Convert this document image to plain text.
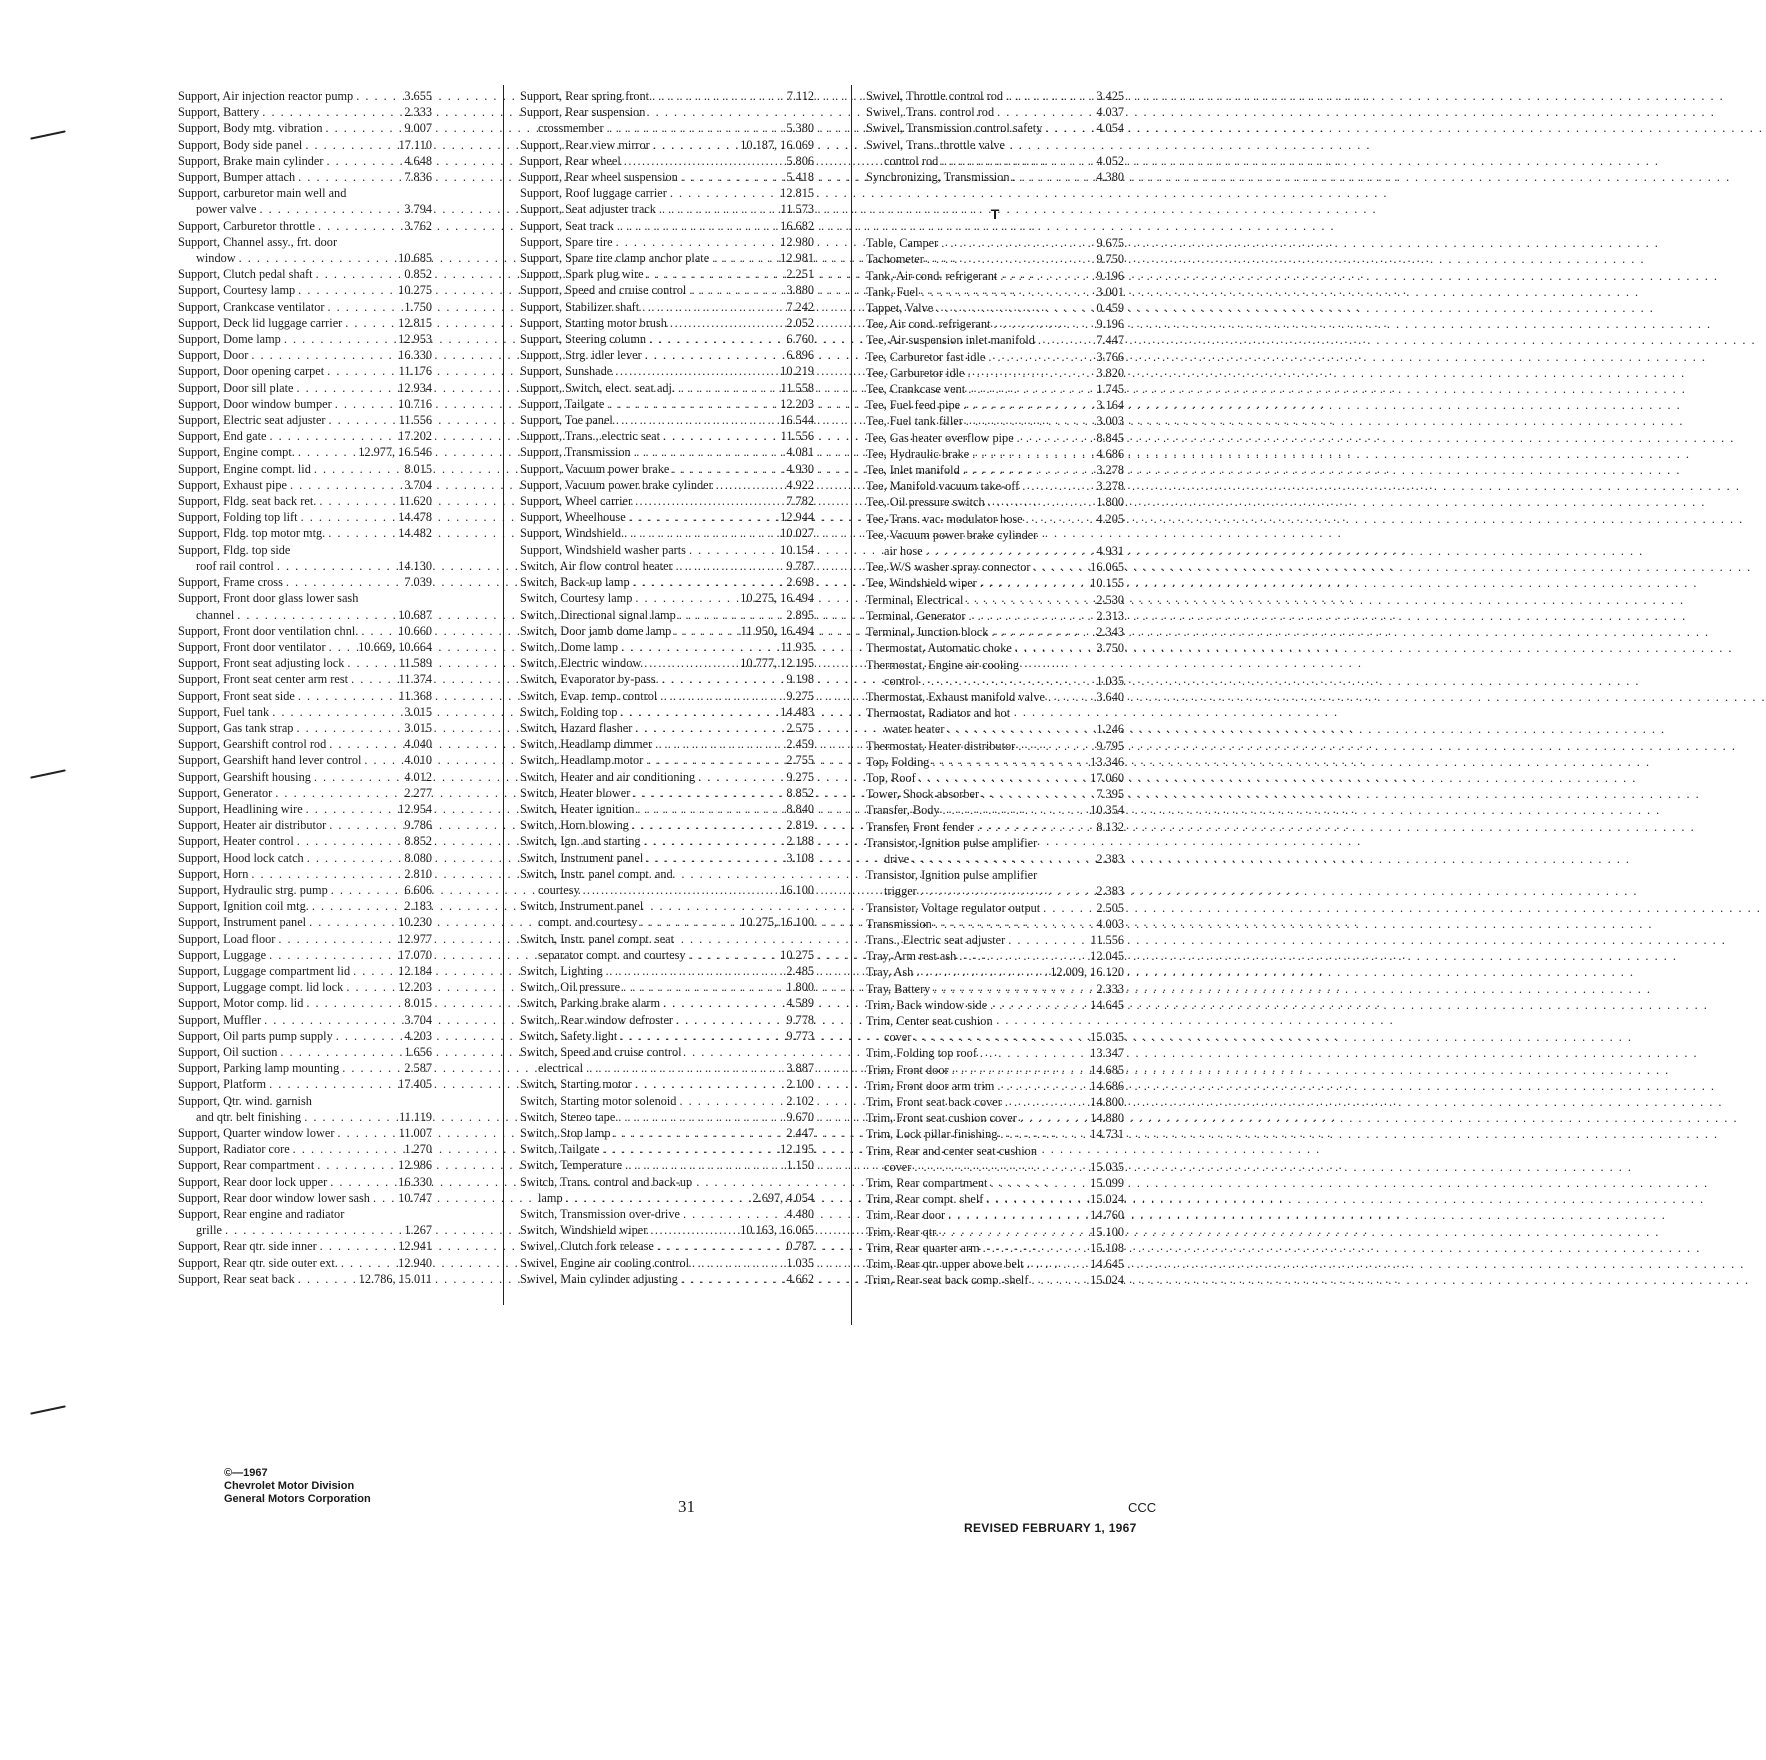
Support, Air injection reactor pump . . .	3.655
Support, Battery . . .	2.333
Support, Body mtg. vibration . . .	9.007
Support, Body side panel . . .	17.110
Support, Brake main cylinder . . .	4.648
Support, Bumper attach . . .	7.836
Support, carburetor main well and
power valve . . .	3.794
Support, Carburetor throttle . . .	3.762
Support, Channel assy., frt. door
window . . .	10.685
Support, Clutch pedal shaft . . .	0.852
Support, Courtesy lamp . . .	10.275
Support, Crankcase ventilator . . .	1.750
Support, Deck lid luggage carrier . . .	12.815
Support, Dome lamp . . .	12.953
Support, Door . . .	16.330
Support, Door opening carpet . . .	11.176
Support, Door sill plate . . .	12.934
Support, Door window bumper . . .	10.716
Support, Electric seat adjuster . . .	11.556
Support, End gate . . .	17.202
Support, Engine compt. . . .	12.977, 16.546
Support, Engine compt. lid . . .	8.015
Support, Exhaust pipe . . .	3.704
Support, Fldg. seat back ret. . . .	11.620
Support, Folding top lift . . .	14.478
Support, Fldg. top motor mtg. . . .	14.482
Support, Fldg. top side
roof rail control . . .	14.130
Support, Frame cross . . .	7.039
Support, Front door glass lower sash
channel . . .	10.687
Support, Front door ventilation chnl. . . .	10.660
Support, Front door ventilator . . .	10.669, 10.664
Support, Front seat adjusting lock . . .	11.589
Support, Front seat center arm rest . . .	11.374
Support, Front seat side . . .	11.368
Support, Fuel tank . . .	3.015
Support, Gas tank strap . . .	3.015
Support, Gearshift control rod . . .	4.040
Support, Gearshift hand lever control . . .	4.010
Support, Gearshift housing . . .	4.012
Support, Generator . . .	2.277
Support, Headlining wire . . .	12.954
Support, Heater air distributor . . .	9.786
Support, Heater control . . .	8.852
Support, Hood lock catch . . .	8.080
Support, Horn . . .	2.810
Support, Hydraulic strg. pump . . .	6.606
Support, Ignition coil mtg. . . .	2.183
Support, Instrument panel . . .	10.230
Support, Load floor . . .	12.977
Support, Luggage . . .	17.070
Support, Luggage compartment lid . . .	12.184
Support, Luggage compt. lid lock . . .	12.203
Support, Motor comp. lid . . .	8.015
Support, Muffler . . .	3.704
Support, Oil parts pump supply . . .	4.203
Support, Oil suction . . .	1.656
Support, Parking lamp mounting . . .	2.587
Support, Platform . . .	17.405
Support, Qtr. wind. garnish
and qtr. belt finishing . . .	11.119
Support, Quarter window lower . . .	11.007
Support, Radiator core . . .	1.270
Support, Rear compartment . . .	12.986
Support, Rear door lock upper . . .	16.330
Support, Rear door window lower sash . . . 10.747
Support, Rear engine and radiator
grille . . .	1.267
Support, Rear qtr. side inner . . .	12.941
Support, Rear qtr. side outer ext. . . .	12.940
Support, Rear seat back . . .	12.786, 15.011
Support, Rear spring front . . .	7.112
Support, Rear suspension
crossmember . . .	5.380
Support, Rear view mirror . . .	10.187, 16.069
Support, Rear wheel . . .	5.806
Support, Rear wheel suspension . . .	5.418
Support, Roof luggage carrier . . .	12.815
Support, Seat adjuster track . . .	11.573
Support, Seat track . . .	16.682
Support, Spare tire . . .	12.980
Support, Spare tire clamp anchor plate . . .	12.981
Support, Spark plug wire . . .	2.251
Support, Speed and cruise control . . .	3.880
Support, Stabilizer shaft . . .	7.242
Support, Starting motor brush . . .	2.052
Support, Steering column . . .	6.760
Support, Strg. idler lever . . .	6.896
Support, Sunshade . . .	10.219
Support, Switch, elect. seat adj. . . .	11.558
Support, Tailgate . . .	12.203
Support, Toe panel . . .	16.544
Support, Trans., electric seat . . .	11.556
Support, Transmission . . .	4.081
Support, Vacuum power brake . . .	4.930
Support, Vacuum power brake cylinder . . .	4.922
Support, Wheel carrier . . .	7.782
Support, Wheelhouse . . .	12.944
Support, Windshield . . .	10.027
Support, Windshield washer parts . . .	10.154
Switch, Air flow control heater . . .	9.787
Switch, Back-up lamp . . .	2.698
Switch, Courtesy lamp . . .	10.275, 16.494
Switch, Directional signal lamp . . .	2.895
Switch, Door jamb dome lamp . . .	11.950, 16.494
Switch, Dome lamp . . .	11.935
Switch, Electric window . . .	10.777, 12.195
Switch, Evaporator by-pass. . . .	9.198
Switch, Evap. temp. control . . .	9.275
Switch, Folding top . . .	14.483
Switch, Hazard flasher . . .	2.575
Switch, Headlamp dimmer . . .	2.459
Switch, Headlamp motor . . .	2.755
Switch, Heater and air conditioning . . .	9.275
Switch, Heater blower . . .	8.852
Switch, Heater ignition . . .	8.840
Switch, Horn blowing . . .	2.819
Switch, Ign. and starting . . .	2.188
Switch, Instrument panel . . .	3.108
Switch, Instr. panel compt. and
courtesy . . .	16.100
Switch, Instrument panel
compt. and courtesy . . .	10.275, 16.100
Switch, Instr. panel compt. seat
separator compt. and courtesy . . .	10.275
Switch, Lighting . . .	2.485
Switch, Oil pressure . . .	1.800
Switch, Parking brake alarm . . .	4.589
Switch, Rear window defroster . . .	9.778
Switch, Safety light . . .	9.773
Switch, Speed and cruise control
electrical . . .	3.887
Switch, Starting motor . . .	2.100
Switch, Starting motor solenoid . . .	2.102
Switch, Stereo tape . . .	9.670
Switch, Stop lamp . . .	2.447
Switch, Tailgate . . .	12.195
Switch, Temperature . . .	1.150
Switch, Trans. control and back-up
lamp . . .	2.697, 4.054
Switch, Transmission over-drive . . .	4.480
Switch, Windshield wiper . . .	10.163, 16.065
Swivel, Clutch fork release . . .	0.787
Swivel, Engine air cooling control . . .	1.035
Swivel, Main cylinder adjusting . . .	4.662
Swivel, Throttle control rod . . .	3.425
Swivel, Trans. control rod . . .	4.037
Swivel, Transmission control safety . . .	4.054
Swivel, Trans. throttle valve
control rod . . .	4.052
Synchronizing, Transmission . . .	4.380
T
Table, Camper . . .	9.675
Tachometer . . .	9.750
Tank, Air cond. refrigerant . . .	9.196
Tank, Fuel . . .	3.001
Tappet, Valve . . .	0.459
Tee, Air cond. refrigerant . . .	9.196
Tee, Air suspension inlet manifold . . .	7.447
Tee, Carburetor fast idle . . .	3.766
Tee, Carburetor idle . . .	3.820
Tee, Crankcase vent . . .	1.745
Tee, Fuel feed pipe . . .	3.164
Tee, Fuel tank filler . . .	3.003
Tee, Gas heater overflow pipe . . .	8.845
Tee, Hydraulic brake . . .	4.686
Tee, Inlet manifold . . .	3.278
Tee, Manifold vacuum take-off . . .	3.278
Tee, Oil pressure switch . . .	1.800
Tee, Trans. vac. modulator hose . . .	4.205
Tee, Vacuum power brake cylinder
air hose . . .	4.931
Tee, W/S washer spray connector . . .	16.065
Tee, Windshield wiper . . .	10.155
Terminal, Electrical . . .	2.530
Terminal, Generator . . .	2.313
Terminal, Junction block . . .	2.343
Thermostat, Automatic choke . . .	3.750
Thermostat, Engine air cooling
control . . .	1.035
Thermostat, Exhaust manifold valve . . .	3.640
Thermostat, Radiator and hot
water heater . . .	1.246
Thermostat, Heater distributor . . .	9.795
Top, Folding . . .	13.346
Top, Roof . . .	17.060
Tower, Shock absorber . . .	7.395
Transfer, Body . . .	10.354
Transfer, Front fender . . .	8.132
Transistor, Ignition pulse amplifier
drive . . .	2.383
Transistor, Ignition pulse amplifier
trigger . . .	2.383
Transistor, Voltage regulator output . . .	2.505
Transmission . . .	4.003
Trans., Electric seat adjuster . . .	11.556
Tray, Arm rest ash . . .	12.045
Tray, Ash . . .	12.009, 16.120
Tray, Battery . . .	2.333
Trim, Back window side . . .	14.645
Trim, Center seat cushion
cover . . .	15.035
Trim, Folding top roof . . .	13.347
Trim, Front door . . .	14.685
Trim, Front door arm trim . . .	14.686
Trim, Front seat back cover . . .	14.800
Trim, Front seat cushion cover . . .	14.880
Trim, Lock pillar finishing . . .	14.731
Trim, Rear and center seat cushion
cover . . .	15.035
Trim, Rear compartment . . .	15.099
Trim, Rear compt. shelf . . .	15.024
Trim, Rear door . . .	14.760
Trim, Rear qtr. . . .	15.100
Trim, Rear quarter arm . . .	15.108
Trim, Rear qtr. upper above belt . . .	14.645
Trim, Rear seat back comp. shelf . . .	15.024
©—1967
Chevrolet Motor Division
General Motors Corporation	31	CCC
REVISED FEBRUARY 1, 1967
